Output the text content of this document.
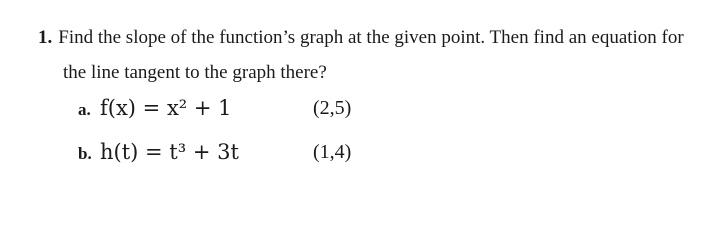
1. Find the slope of the function’s graph at the given point. Then find an equation for
the line tangent to the graph there?
a. f(x) = x² + 1	(2,5)
b. h(t) = t³ + 3t	(1,4)
